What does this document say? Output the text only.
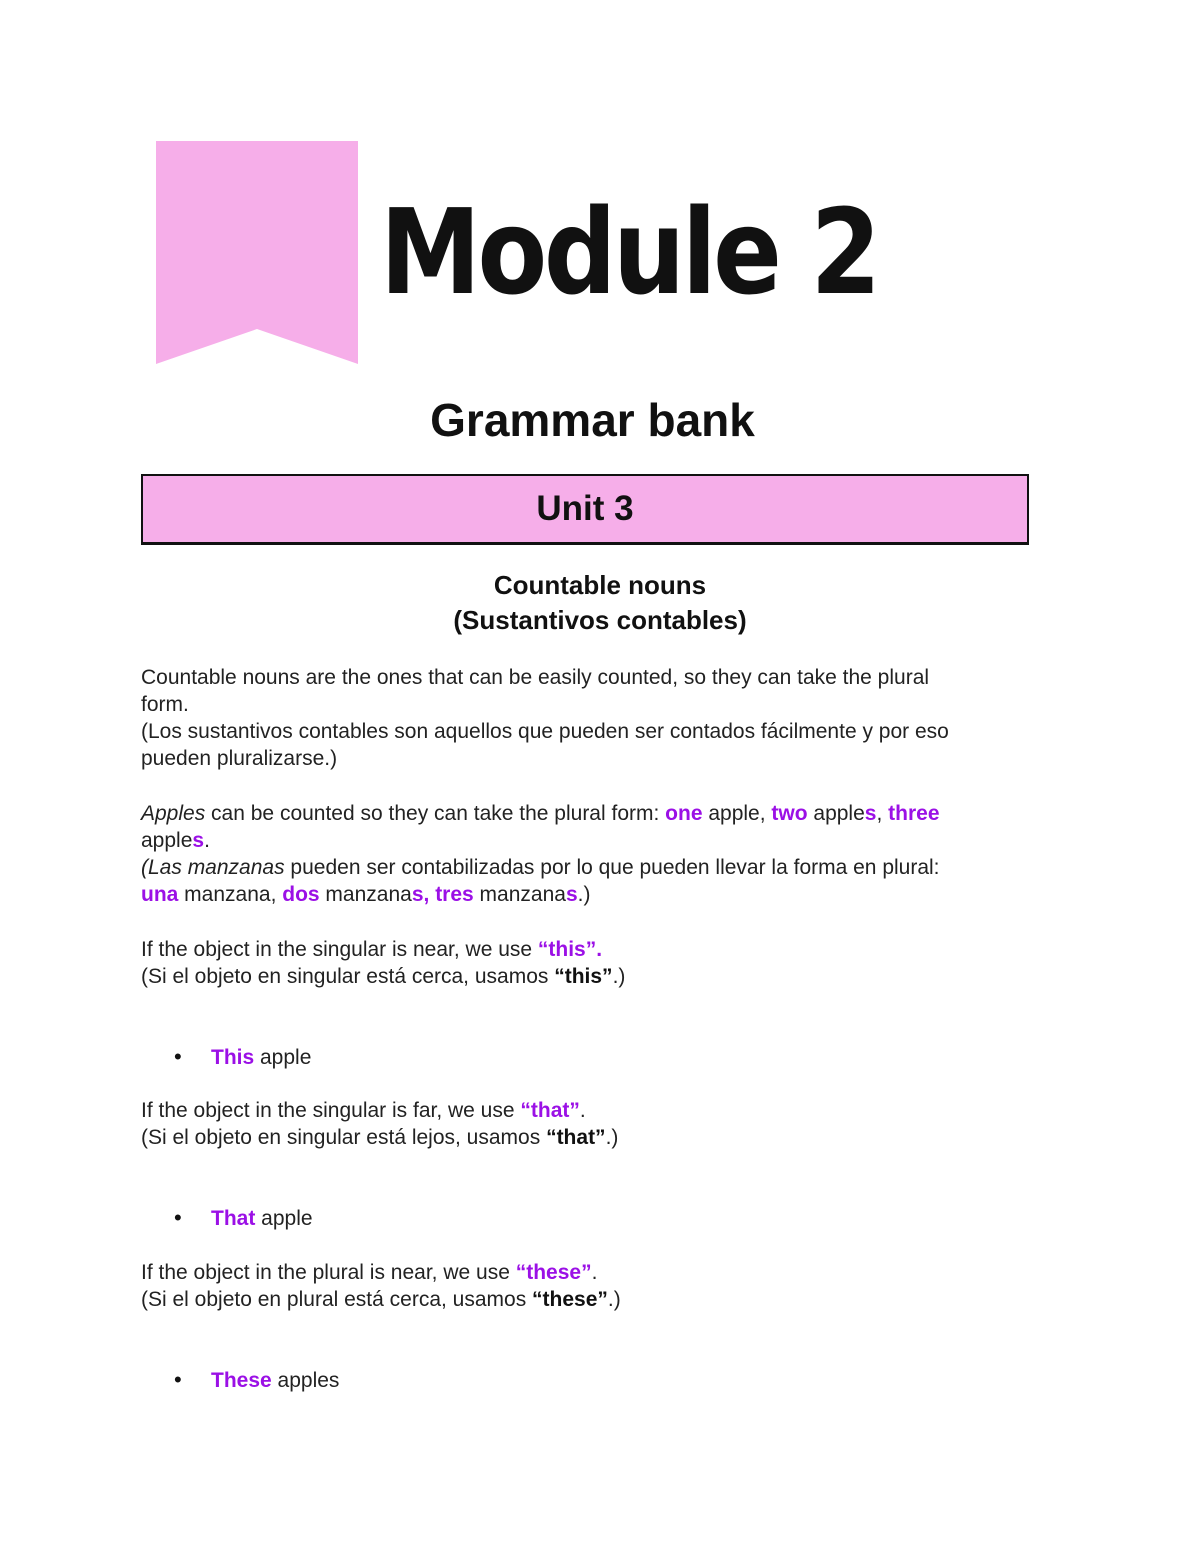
Module 2
Grammar bank
Unit 3
Countable nouns
(Sustantivos contables)
Countable nouns are the ones that can be easily counted, so they can take the plural
form.
(Los sustantivos contables son aquellos que pueden ser contados fácilmente y por eso
pueden pluralizarse.)
Apples can be counted so they can take the plural form: one apple, two apples, three
apples.
(Las manzanas pueden ser contabilizadas por lo que pueden llevar la forma en plural:
una manzana, dos manzanas, tres manzanas.)
If the object in the singular is near, we use “this”.
(Si el objeto en singular está cerca, usamos “this”.)
•This apple
If the object in the singular is far, we use “that”.
(Si el objeto en singular está lejos, usamos “that”.)
•That apple
If the object in the plural is near, we use “these”.
(Si el objeto en plural está cerca, usamos “these”.)
•These apples
